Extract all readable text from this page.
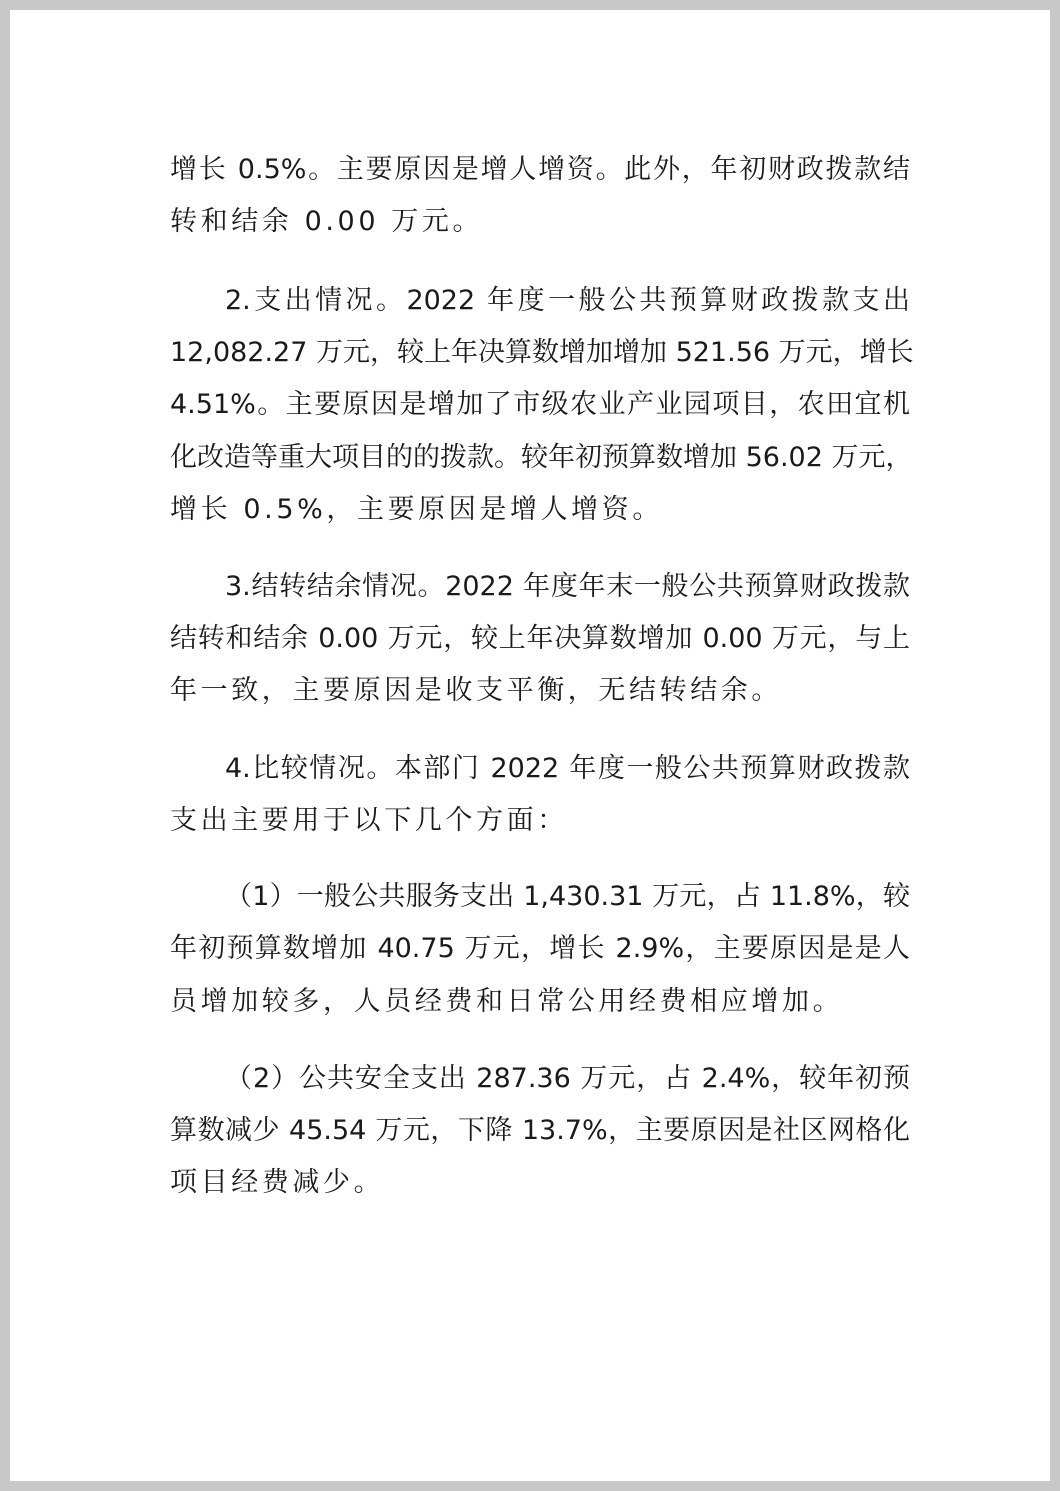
增长 0.5%。主要原因是增人增资。此外，年初财政拨款结
转和结余 0.00 万元。
2.支出情况。2022 年度一般公共预算财政拨款支出
12,082.27 万元，较上年决算数增加增加 521.56 万元，增长
4.51%。主要原因是增加了市级农业产业园项目，农田宜机
化改造等重大项目的的拨款。较年初预算数增加 56.02 万元，
增长 0.5%，主要原因是增人增资。
3.结转结余情况。2022 年度年末一般公共预算财政拨款
结转和结余 0.00 万元，较上年决算数增加 0.00 万元，与上
年一致，主要原因是收支平衡，无结转结余。
4.比较情况。本部门 2022 年度一般公共预算财政拨款
支出主要用于以下几个方面：
（1）一般公共服务支出 1,430.31 万元，占 11.8%，较
年初预算数增加 40.75 万元，增长 2.9%，主要原因是是人
员增加较多，人员经费和日常公用经费相应增加。
（2）公共安全支出 287.36 万元，占 2.4%，较年初预
算数减少 45.54 万元，下降 13.7%，主要原因是社区网格化
项目经费减少。
